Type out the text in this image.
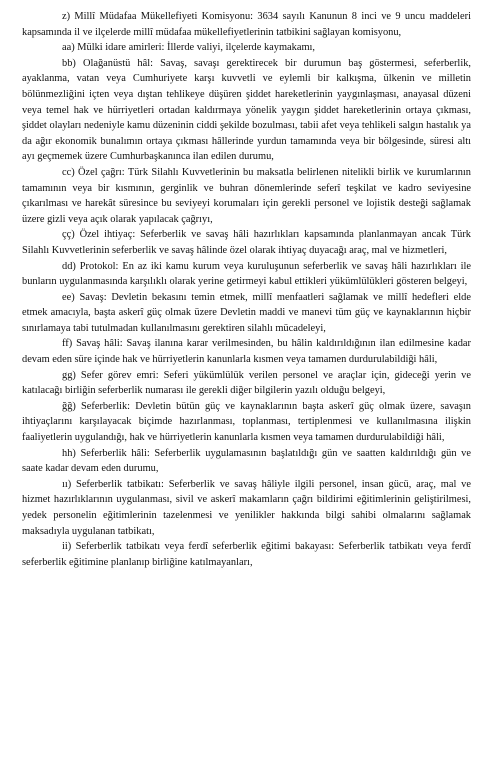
z) Millî Müdafaa Mükellefiyeti Komisyonu: 3634 sayılı Kanunun 8 inci ve 9 uncu maddeleri kapsamında il ve ilçelerde millî müdafaa mükellefiyetlerinin tatbikini sağlayan komisyonu,

aa) Mülki idare amirleri: İllerde valiyi, ilçelerde kaymakamı,

bb) Olağanüstü hâl: Savaş, savaşı gerektirecek bir durumun baş göstermesi, seferberlik, ayaklanma, vatan veya Cumhuriyete karşı kuvvetli ve eylemli bir kalkışma, ülkenin ve milletin bölünmezliğini içten veya dıştan tehlikeye düşüren şiddet hareketlerinin yaygınlaşması, anayasal düzeni veya temel hak ve hürriyetleri ortadan kaldırmaya yönelik yaygın şiddet hareketlerinin ortaya çıkması, şiddet olayları nedeniyle kamu düzeninin ciddi şekilde bozulması, tabii afet veya tehlikeli salgın hastalık ya da ağır ekonomik bunalımın ortaya çıkması hâllerinde yurdun tamamında veya bir bölgesinde, süresi altı ayı geçmemek üzere Cumhurbaşkanınca ilan edilen durumu,

cc) Özel çağrı: Türk Silahlı Kuvvetlerinin bu maksatla belirlenen nitelikli birlik ve kurumlarının tamamının veya bir kısmının, gerginlik ve buhran dönemlerinde seferî teşkilat ve kadro seviyesine çıkarılması ve harekât süresince bu seviyeyi korumaları için gerekli personel ve lojistik desteği sağlamak üzere gizli veya açık olarak yapılacak çağrıyı,

çç) Özel ihtiyaç: Seferberlik ve savaş hâli hazırlıkları kapsamında planlanmayan ancak Türk Silahlı Kuvvetlerinin seferberlik ve savaş hâlinde özel olarak ihtiyaç duyacağı araç, mal ve hizmetleri,

dd) Protokol: En az iki kamu kurum veya kuruluşunun seferberlik ve savaş hâli hazırlıkları ile bunların uygulanmasında karşılıklı olarak yerine getirmeyi kabul ettikleri yükümlülükleri gösteren belgeyi,

ee) Savaş: Devletin bekasını temin etmek, millî menfaatleri sağlamak ve millî hedefleri elde etmek amacıyla, başta askerî güç olmak üzere Devletin maddi ve manevi tüm güç ve kaynaklarının hiçbir sınırlamaya tabi tutulmadan kullanılmasını gerektiren silahlı mücadeleyi,

ff) Savaş hâli: Savaş ilanına karar verilmesinden, bu hâlin kaldırıldığının ilan edilmesine kadar devam eden süre içinde hak ve hürriyetlerin kanunlarla kısmen veya tamamen durdurulabildiği hâli,

gg) Sefer görev emri: Seferi yükümlülük verilen personel ve araçlar için, gideceği yerin ve katılacağı birliğin seferberlik numarası ile gerekli diğer bilgilerin yazılı olduğu belgeyi,

ğğ) Seferberlik: Devletin bütün güç ve kaynaklarının başta askerî güç olmak üzere, savaşın ihtiyaçlarını karşılayacak biçimde hazırlanması, toplanması, tertiplenmesi ve kullanılmasına ilişkin faaliyetlerin uygulandığı, hak ve hürriyetlerin kanunlarla kısmen veya tamamen durdurulabildiği hâli,

hh) Seferberlik hâli: Seferberlik uygulamasının başlatıldığı gün ve saatten kaldırıldığı gün ve saate kadar devam eden durumu,

ıı) Seferberlik tatbikatı: Seferberlik ve savaş hâliyle ilgili personel, insan gücü, araç, mal ve hizmet hazırlıklarının uygulanması, sivil ve askerî makamların çağrı bildirimi eğitimlerinin geliştirilmesi, yedek personelin eğitimlerinin tazelenmesi ve yenilikler hakkında bilgi sahibi olmalarını sağlamak maksadıyla uygulanan tatbikatı,

ii) Seferberlik tatbikatı veya ferdî seferberlik eğitimi bakayası: Seferberlik tatbikatı veya ferdî seferberlik eğitimine planlanıp birliğine katılmayanları,
